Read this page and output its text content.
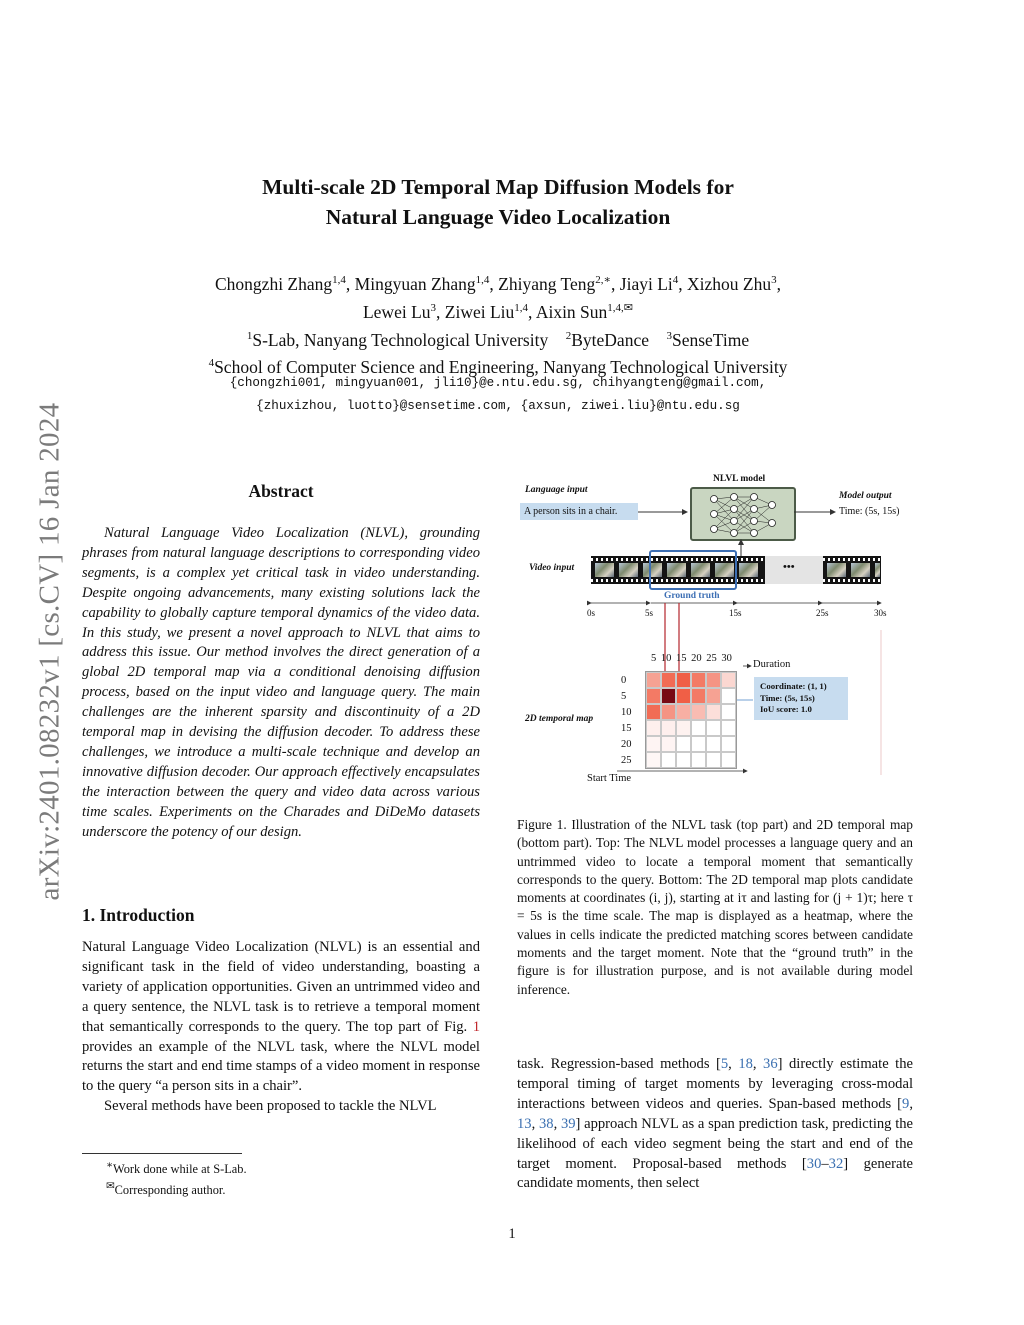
arXiv:2401.08232v1 [cs.CV] 16 Jan 2024
Multi-scale 2D Temporal Map Diffusion Models for
Natural Language Video Localization
Chongzhi Zhang$^{1,4}$, Mingyuan Zhang$^{1,4}$, Zhiyang Teng$^{2,∗}$, Jiayi Li$^4$, Xizhou Zhu$^3$,
Lewei Lu$^3$, Ziwei Liu$^{1,4}$, Aixin Sun$^{1,4,✉}$
$^1$S-Lab, Nanyang Technological University $^2$ByteDance $^3$SenseTime
$^4$School of Computer Science and Engineering, Nanyang Technological University
{chongzhi001, mingyuan001, jli10}@e.ntu.edu.sg, chihyangteng@gmail.com,
{zhuxizhou, luotto}@sensetime.com, {axsun, ziwei.liu}@ntu.edu.sg
Abstract

Natural Language Video Localization (NLVL), grounding phrases from natural language descriptions to corresponding video segments, is a complex yet critical task in video understanding. Despite ongoing advancements, many existing solutions lack the capability to globally capture temporal dynamics of the video data. In this study, we present a novel approach to NLVL that aims to address this issue. Our method involves the direct generation of a global 2D temporal map via a conditional denoising diffusion process, based on the input video and language query. The main challenges are the inherent sparsity and discontinuity of a 2D temporal map in devising the diffusion decoder. To address these challenges, we introduce a multi-scale technique and develop an innovative diffusion decoder. Our approach effectively encapsulates the interaction between the query and video data across various time scales. Experiments on the Charades and DiDeMo datasets underscore the potency of our design.

1. Introduction

Natural Language Video Localization (NLVL) is an essential and significant task in the field of video understanding, boasting a variety of application opportunities. Given an untrimmed video and a query sentence, the NLVL task is to retrieve a temporal moment that semantically corresponds to the query. The top part of Fig. 1 provides an example of the NLVL task, where the NLVL model returns the start and end time stamps of a video moment in response to the query “a person sits in a chair”.

Several methods have been proposed to tackle the NLVL

∗Work done while at S-Lab.

✉Corresponding author.

Language input
A person sits in a chair.
NLVL model
Model output
Time: (5s, 15s)
Video input	•••
Ground truth
0s	5s	15s	25s	30s
5 10 15 20 25 30
Duration
0
5
10
15
20
25
Start Time
2D temporal map
Coordinate: (1, 1)
Time: (5s, 15s)
IoU score: 1.0

Figure 1. Illustration of the NLVL task (top part) and 2D temporal map (bottom part). Top: The NLVL model processes a language query and an untrimmed video to locate a temporal moment that semantically corresponds to the query. Bottom: The 2D temporal map plots candidate moments at coordinates (i, j), starting at iτ and lasting for (j + 1)τ; here τ = 5s is the time scale. The map is displayed as a heatmap, where the values in cells indicate the predicted matching scores between candidate moments and the target moment. Note that the “ground truth” in the figure is for illustration purpose, and is not available during model inference.

task. Regression-based methods [5, 18, 36] directly estimate the temporal timing of target moments by leveraging cross-modal interactions between videos and queries. Span-based methods [9, 13, 38, 39] approach NLVL as a span prediction task, predicting the likelihood of each video segment being the start and end of the target moment. Proposal-based methods [30–32] generate candidate moments, then select

1
